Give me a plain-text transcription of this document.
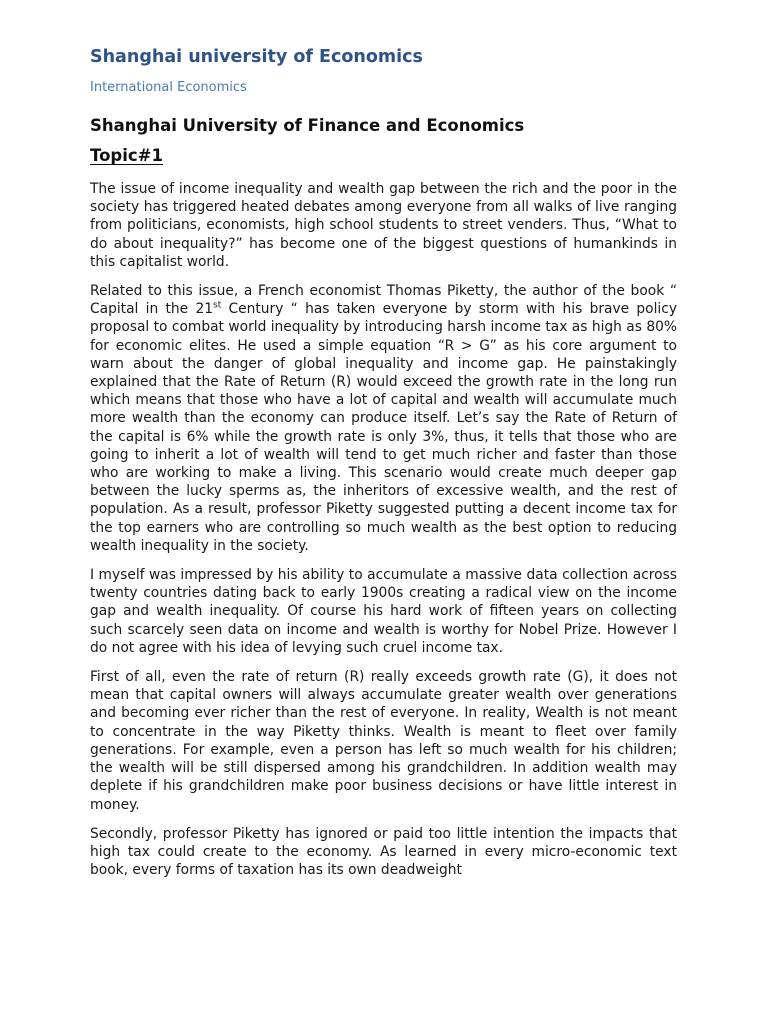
Shanghai university of Economics

International Economics

Shanghai University of Finance and Economics
Topic#1

The issue of income inequality and wealth gap between the rich and the poor in the society has triggered heated debates among everyone from all walks of live ranging from politicians, economists, high school students to street venders. Thus, “What to do about inequality?” has become one of the biggest questions of humankinds in this capitalist world.

Related to this issue, a French economist Thomas Piketty, the author of the book “ Capital in the 21st Century “ has taken everyone by storm with his brave policy proposal to combat world inequality by introducing harsh income tax as high as 80% for economic elites. He used a simple equation “R > G” as his core argument to warn about the danger of global inequality and income gap. He painstakingly explained that the Rate of Return (R) would exceed the growth rate in the long run which means that those who have a lot of capital and wealth will accumulate much more wealth than the economy can produce itself. Let’s say the Rate of Return of the capital is 6% while the growth rate is only 3%, thus, it tells that those who are going to inherit a lot of wealth will tend to get much richer and faster than those who are working to make a living. This scenario would create much deeper gap between the lucky sperms as, the inheritors of excessive wealth, and the rest of population. As a result, professor Piketty suggested putting a decent income tax for the top earners who are controlling so much wealth as the best option to reducing wealth inequality in the society.

I myself was impressed by his ability to accumulate a massive data collection across twenty countries dating back to early 1900s creating a radical view on the income gap and wealth inequality. Of course his hard work of fifteen years on collecting such scarcely seen data on income and wealth is worthy for Nobel Prize. However I do not agree with his idea of levying such cruel income tax.

First of all, even the rate of return (R) really exceeds growth rate (G), it does not mean that capital owners will always accumulate greater wealth over generations and becoming ever richer than the rest of everyone. In reality, Wealth is not meant to concentrate in the way Piketty thinks. Wealth is meant to fleet over family generations. For example, even a person has left so much wealth for his children; the wealth will be still dispersed among his grandchildren. In addition wealth may deplete if his grandchildren make poor business decisions or have little interest in money.

Secondly, professor Piketty has ignored or paid too little intention the impacts that high tax could create to the economy. As learned in every micro-economic text book, every forms of taxation has its own deadweight
